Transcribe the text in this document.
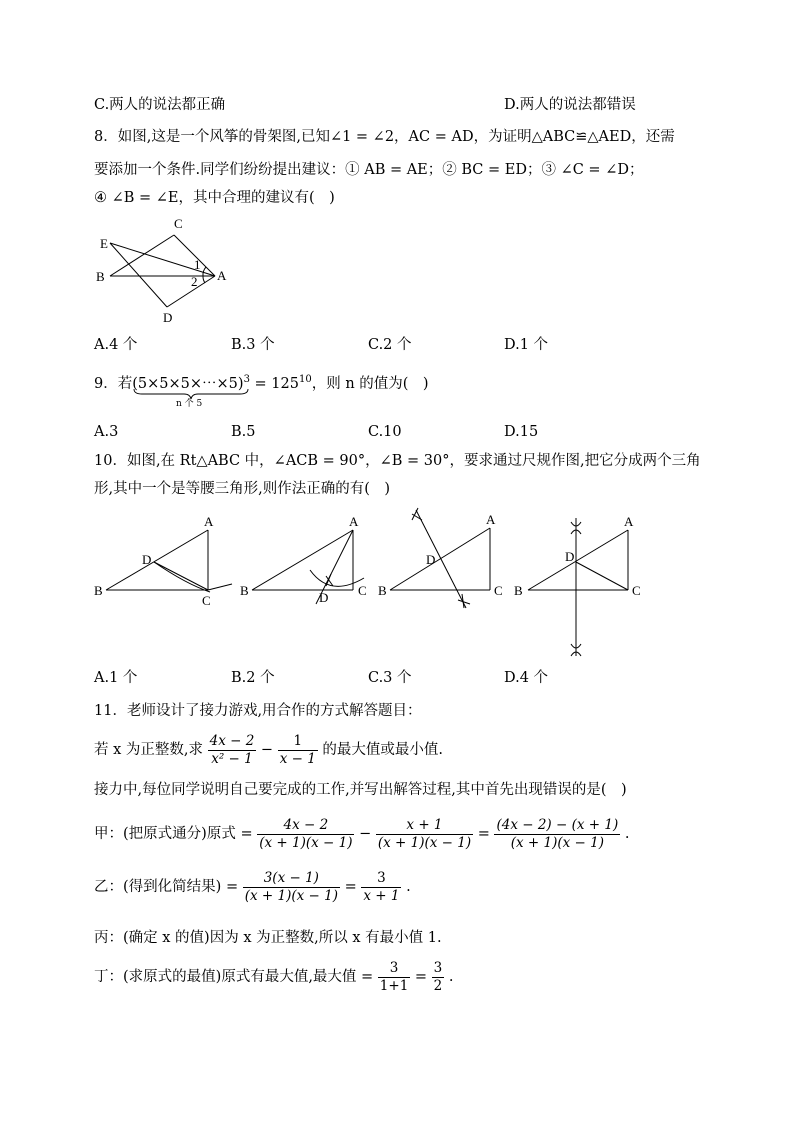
C.两人的说法都正确	D.两人的说法都错误
8．如图,这是一个风筝的骨架图,已知∠1 = ∠2，AC = AD，为证明△ABC≌△AED，还需
要添加一个条件.同学们纷纷提出建议：① AB = AE；② BC = ED；③ ∠C = ∠D；
④ ∠B = ∠E，其中合理的建议有(　)
C
E
B	A
D
1
2
A.4 个	B.3 个	C.2 个	D.1 个
9．若(5×5×5×⋯×5)$^3$ = $125^{10}$，则 n 的值为(　)
n 个 5
A.3	B.5	C.10	D.15
10．如图,在 Rt△ABC 中，∠ACB = 90°，∠B = 30°，要求通过尺规作图,把它分成两个三角
形,其中一个是等腰三角形,则作法正确的有(　)
A
B
C
D
A
B	C
D
A
B	C
D
A
B	C
D
A.1 个	B.2 个	C.3 个	D.4 个
11．老师设计了接力游戏,用合作的方式解答题目：
若 x 为正整数,求 $\frac{4x - 2}{\text{x² − 1}} - \frac{1}{x - 1}$ 的最大值或最小值.
接力中,每位同学说明自己要完成的工作,并写出解答过程,其中首先出现错误的是(　)
甲：(把原式通分)原式 = $\frac{4x - 2}{(x + 1)(x - 1)} - \frac{x + 1}{(x + 1)(x - 1)} = \frac{(4x - 2) - (x + 1)}{(x + 1)(x - 1)}$ .
乙：(得到化简结果) = $\frac{3(x - 1)}{(x + 1)(x - 1)} = \frac{3}{x + 1}$ .
丙：(确定 x 的值)因为 x 为正整数,所以 x 有最小值 1.
丁：(求原式的最值)原式有最大值,最大值 = $\frac{3}{1+1} = \frac{3}{2}$ .
